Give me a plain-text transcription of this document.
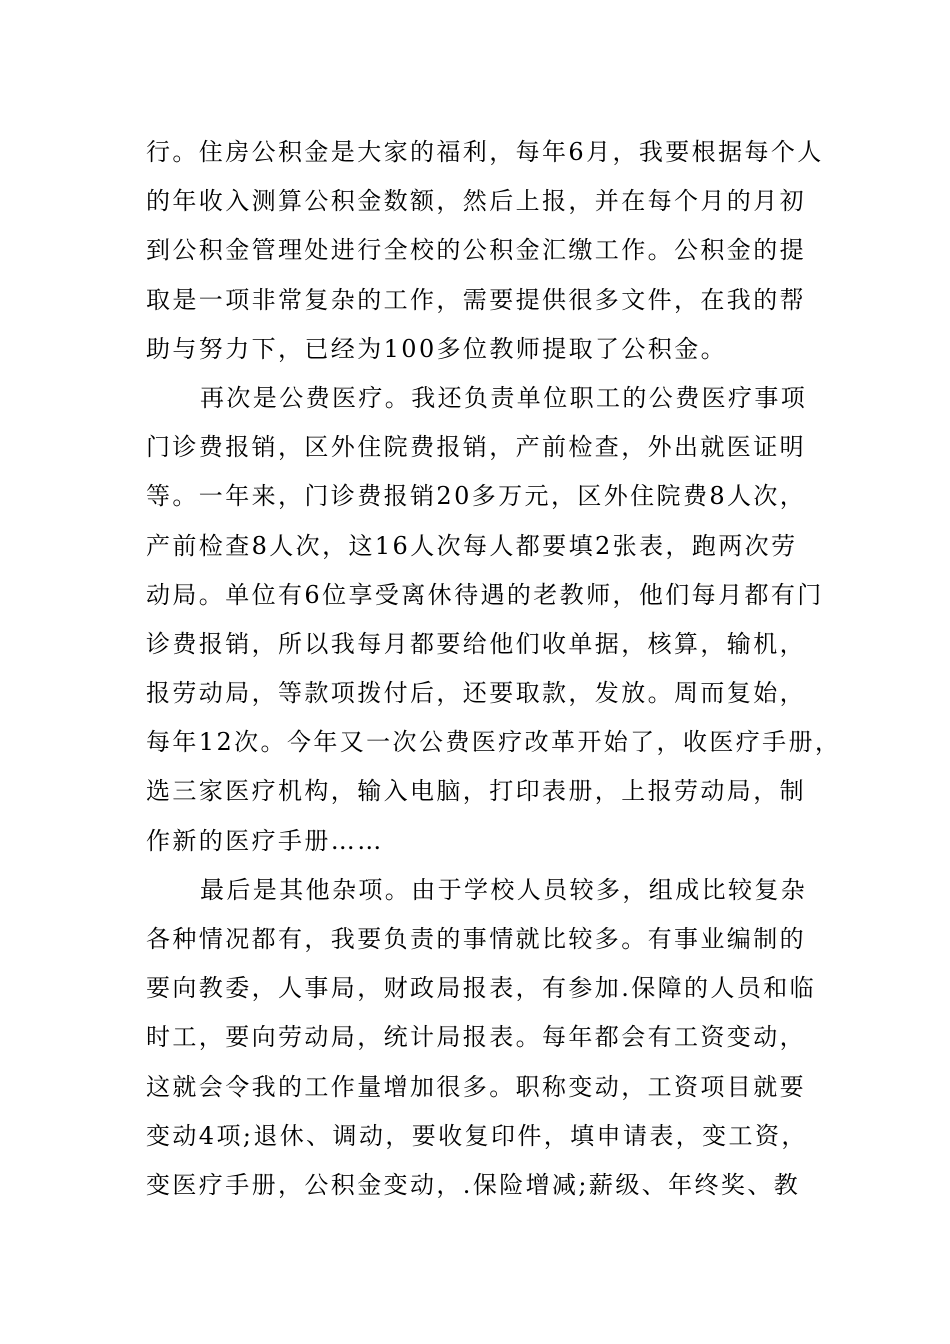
行。住房公积金是大家的福利，每年6月，我要根据每个人
的年收入测算公积金数额，然后上报，并在每个月的月初
到公积金管理处进行全校的公积金汇缴工作。公积金的提
取是一项非常复杂的工作，需要提供很多文件，在我的帮
助与努力下，已经为100多位教师提取了公积金。
再次是公费医疗。我还负责单位职工的公费医疗事项
门诊费报销，区外住院费报销，产前检查，外出就医证明
等。一年来，门诊费报销20多万元，区外住院费8人次，
产前检查8人次，这16人次每人都要填2张表，跑两次劳
动局。单位有6位享受离休待遇的老教师，他们每月都有门
诊费报销，所以我每月都要给他们收单据，核算，输机，
报劳动局，等款项拨付后，还要取款，发放。周而复始，
每年12次。今年又一次公费医疗改革开始了，收医疗手册，
选三家医疗机构，输入电脑，打印表册，上报劳动局，制
作新的医疗手册……
最后是其他杂项。由于学校人员较多，组成比较复杂
各种情况都有，我要负责的事情就比较多。有事业编制的
要向教委，人事局，财政局报表，有参加.保障的人员和临
时工，要向劳动局，统计局报表。每年都会有工资变动，
这就会令我的工作量增加很多。职称变动，工资项目就要
变动4项;退休、调动，要收复印件，填申请表，变工资，
变医疗手册，公积金变动，.保险增减;薪级、年终奖、教
